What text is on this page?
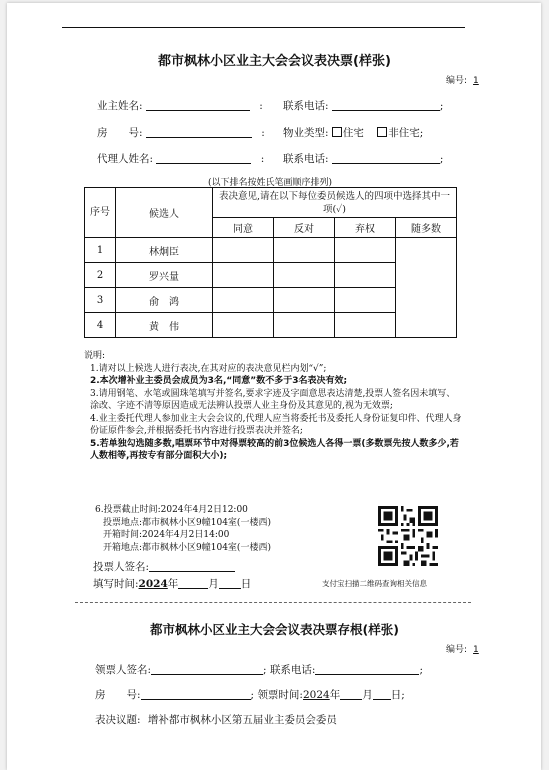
都市枫林小区业主大会会议表决票(样张)
编号: 1
业主姓名:	: 联系电话:	;
房　　号:	: 物业类型: 住宅 非住宅;
代理人姓名:	: 联系电话:	;
(以下排名按姓氏笔画顺序排列)
序号	候选人	表决意见,请在以下每位委员候选人的四项中选择其中一项(✓)			
		同意	反对	弃权	随多数
1	林炯臣				
2	罗兴量				
3	俞　鸿				
4	黄　伟				

说明:

1.请对以上候选人进行表决,在其对应的表决意见栏内划“√”;

2.本次增补业主委员会成员为3名,“同意”数不多于3名表决有效;

3.请用钢笔、水笔或圆珠笔填写并签名,要求字迹及字面意思表达清楚,投票人签名因未填写、涂改、字迹不清等原因造成无法辨认投票人业主身份及其意见的,视为无效票;

4.业主委托代理人参加业主大会会议的,代理人应当将委托书及委托人身份证复印件、代理人身份证原件参会,并根据委托书内容进行投票表决并签名;

5.若单独勾选随多数,唱票环节中对得票较高的前3位候选人各得一票(多数票先按人数多少,若人数相等,再按专有部分面积大小);

6.投票截止时间:2024年4月2日12:00
投票地点:都市枫林小区9幢104室(一楼西)
开箱时间:2024年4月2日14:00
开箱地点:都市枫林小区9幢104室(一楼西)
投票人签名:
填写时间:2024年	月 日	支付宝扫描二维码查询相关信息
都市枫林小区业主大会会议表决票存根(样张)
编号: 1
领票人签名:	; 联系电话:	;
房　　号:	; 领票时间:2024年 月 日;
表决议题: 增补都市枫林小区第五届业主委员会委员
